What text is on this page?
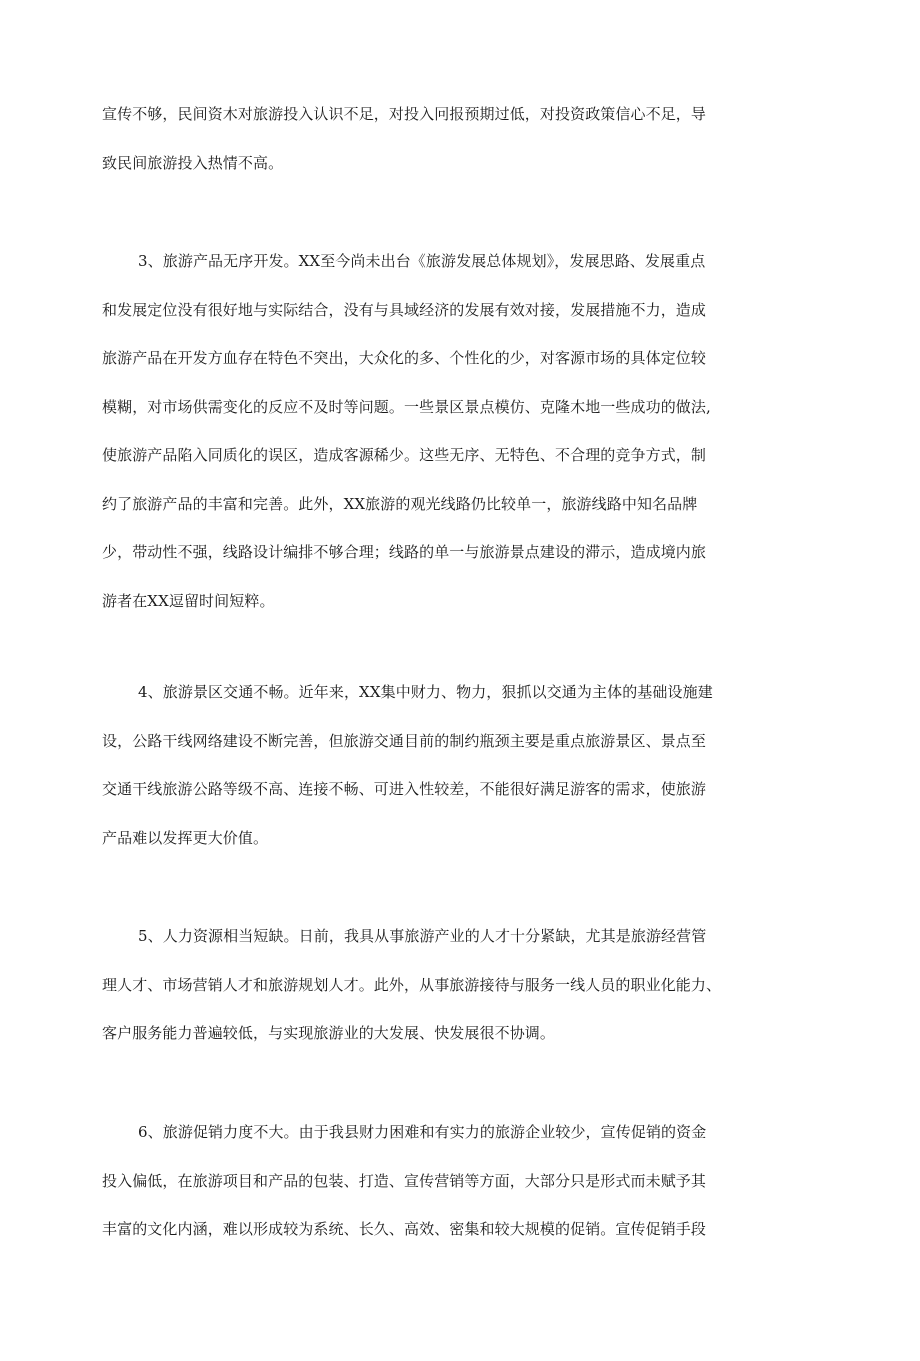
宣传不够，民间资木对旅游投入认识不足，对投入冋报预期过低，对投资政策信心不足，导
致民间旅游投入热情不高。

3、旅游产品无序开发。XX至今尚未出台《旅游发展总体规划》，发展思路、发展重点
和发展定位没有很好地与实际结合，没有与具域经济的发展有效对接，发展措施不力，造成
旅游产品在开发方血存在特色不突出，大众化的多、个性化的少，对客源市场的具体定位较
模糊，对市场供需变化的反应不及时等问题。一些景区景点模仿、克隆木地一些成功的做法,
使旅游产品陷入同质化的误区，造成客源稀少。这些无序、无特色、不合理的竞争方式，制
约了旅游产品的丰富和完善。此外，XX旅游的观光线路仍比较单一，旅游线路中知名品牌
少，带动性不强，线路设计编排不够合理；线路的单一与旅游景点建设的滞示，造成境内旅
游者在XX逗留时间短粹。

4、旅游景区交通不畅。近年来，XX集中财力、物力，狠抓以交通为主体的基础设施建
设，公路干线网络建设不断完善，但旅游交通目前的制约瓶颈主要是重点旅游景区、景点至
交通干线旅游公路等级不高、连接不畅、可进入性较差，不能很好满足游客的需求，使旅游
产品难以发挥更大价值。

5、人力资源相当短缺。日前，我具从事旅游产业的人才十分紧缺，尤其是旅游经营管
理人才、市场营销人才和旅游规划人才。此外，从事旅游接待与服务一线人员的职业化能力、
客户服务能力普遍较低，与实现旅游业的大发展、快发展很不协调。

6、旅游促销力度不大。由于我县财力困难和有实力的旅游企业较少，宣传促销的资金
投入偏低，在旅游项目和产品的包装、打造、宣传营销等方面，大部分只是形式而未赋予其
丰富的文化内涵，难以形成较为系统、长久、高效、密集和较大规模的促销。宣传促销手段
